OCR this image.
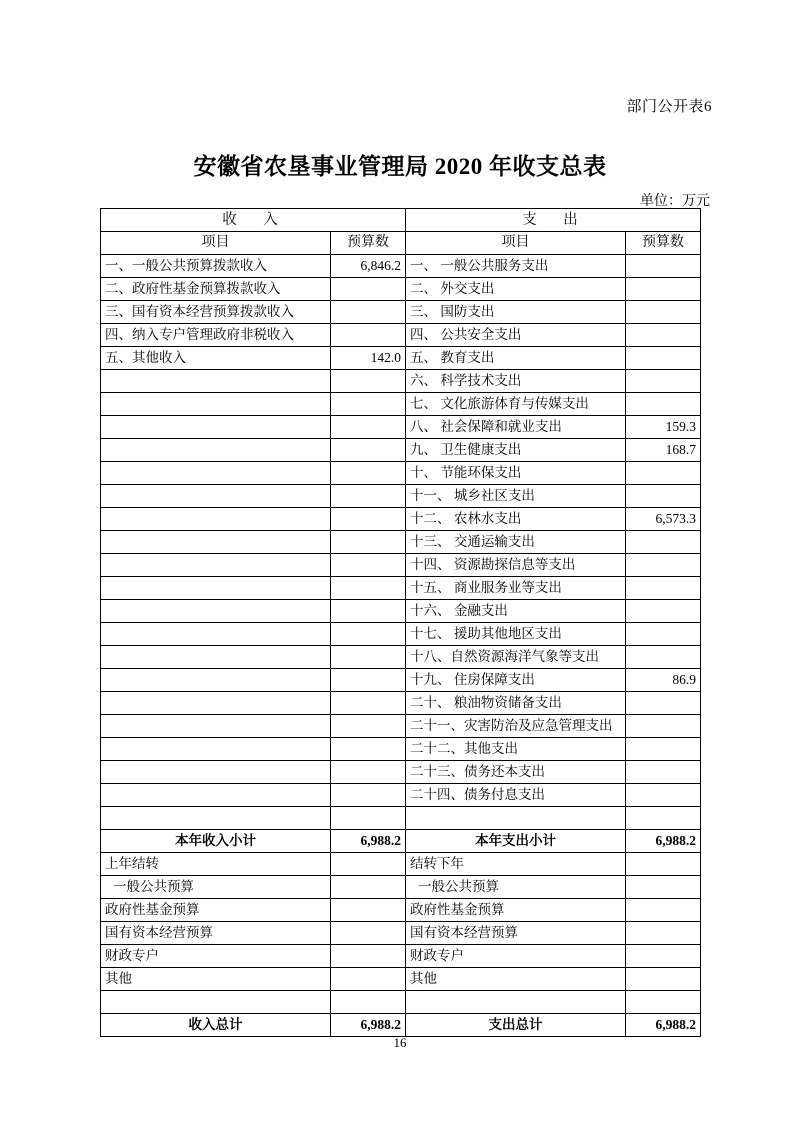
部门公开表6
安徽省农垦事业管理局 2020 年收支总表
单位：万元
收　入		支　出	
项目	预算数	项目	预算数
一、一般公共预算拨款收入	6,846.2	一、 一般公共服务支出	
二、政府性基金预算拨款收入		二、 外交支出	
三、国有资本经营预算拨款收入		三、 国防支出	
四、纳入专户管理政府非税收入		四、 公共安全支出	
五、其他收入	142.0	五、 教育支出	
		六、 科学技术支出	
		七、 文化旅游体育与传媒支出	
		八、 社会保障和就业支出	159.3
		九、 卫生健康支出	168.7
		十、 节能环保支出	
		十一、 城乡社区支出	
		十二、 农林水支出	6,573.3
		十三、 交通运输支出	
		十四、 资源勘探信息等支出	
		十五、 商业服务业等支出	
		十六、 金融支出	
		十七、 援助其他地区支出	
		十八、自然资源海洋气象等支出	
		十九、 住房保障支出	86.9
		二十、 粮油物资储备支出	
		二十一、灾害防治及应急管理支出	
		二十二、其他支出	
		二十三、债务还本支出	
		二十四、债务付息支出	

本年收入小计	6,988.2	本年支出小计	6,988.2
上年结转		结转下年	
一般公共预算		一般公共预算	
政府性基金预算		政府性基金预算	
国有资本经营预算		国有资本经营预算	
财政专户		财政专户	
其他		其他	

收入总计	6,988.2	支出总计	6,988.2
16
